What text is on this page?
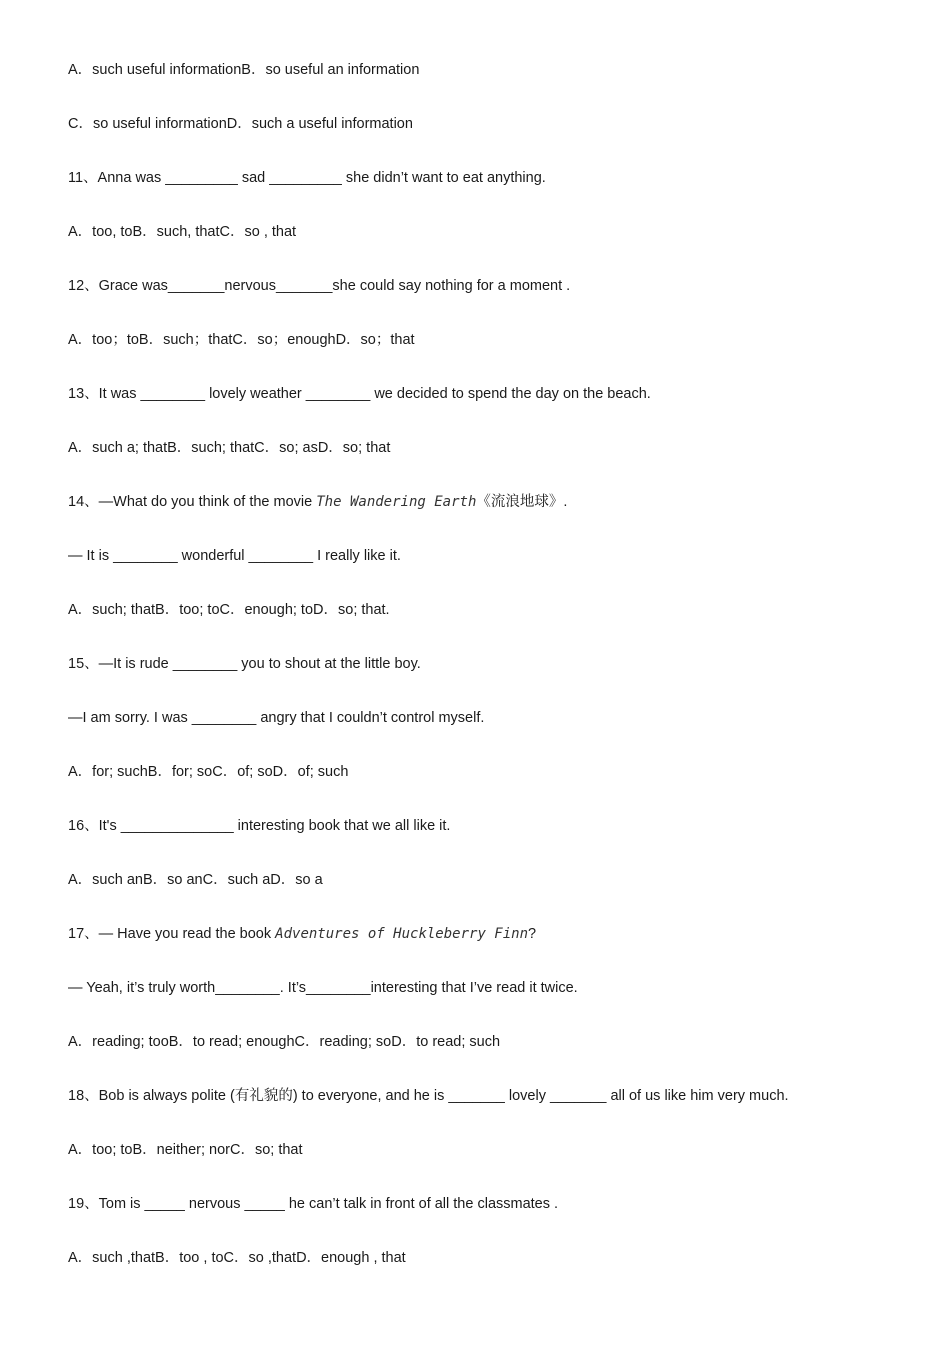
A．such useful informationB．so useful an information
C．so useful informationD．such a useful information
11、Anna was _________ sad _________ she didn’t want to eat anything.
A．too, toB．such, thatC．so , that
12、Grace was_______nervous_______she could say nothing for a moment .
A．too；toB．such；thatC．so；enoughD．so；that
13、It was ________ lovely weather ________ we decided to spend the day on the beach.
A．such a; thatB．such; thatC．so; asD．so; that
14、—What do you think of the movie The Wandering Earth《流浪地球》.
— It is ________ wonderful ________ I really like it.
A．such; thatB．too; toC．enough; toD．so; that.
15、—It is rude ________ you to shout at the little boy.
—I am sorry. I was ________ angry that I couldn’t control myself.
A．for; suchB．for; soC．of; soD．of; such
16、It's ______________ interesting book that we all like it.
A．such anB．so anC．such aD．so a
17、— Have you read the book Adventures of Huckleberry Finn?
— Yeah, it’s truly worth________. It’s________interesting that I’ve read it twice.
A．reading; tooB．to read; enoughC．reading; soD．to read; such
18、Bob is always polite (有礼貌的) to everyone, and he is _______ lovely _______ all of us like him very much.
A．too; toB．neither; norC．so; that
19、Tom is _____ nervous _____ he can’t talk in front of all the classmates .
A．such ,thatB．too , toC．so ,thatD．enough , that
